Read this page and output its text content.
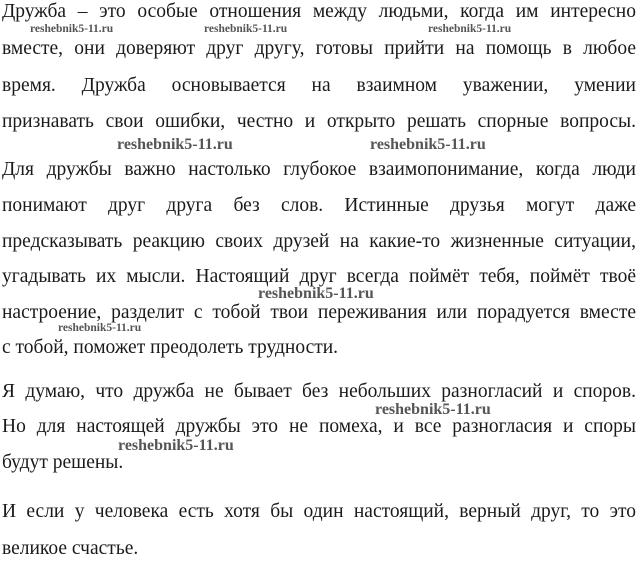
Дружба – это особые отношения между людьми, когда им интересно
вместе, они доверяют друг другу, готовы прийти на помощь в любое
время. Дружба основывается на взаимном уважении, умении
признавать свои ошибки, честно и открыто решать спорные вопросы.
Для дружбы важно настолько глубокое взаимопонимание, когда люди
понимают друг друга без слов. Истинные друзья могут даже
предсказывать реакцию своих друзей на какие-то жизненные ситуации,
угадывать их мысли. Настоящий друг всегда поймёт тебя, поймёт твоё
настроение, разделит с тобой твои переживания или порадуется вместе
с тобой, поможет преодолеть трудности.
Я думаю, что дружба не бывает без небольших разногласий и споров.
Но для настоящей дружбы это не помеха, и все разногласия и споры
будут решены.
И если у человека есть хотя бы один настоящий, верный друг, то это
великое счастье.
reshebnik5-11.ru	reshebnik5-11.ru	reshebnik5-11.ru
reshebnik5-11.ru	reshebnik5-11.ru
reshebnik5-11.ru
reshebnik5-11.ru
reshebnik5-11.ru
reshebnik5-11.ru
